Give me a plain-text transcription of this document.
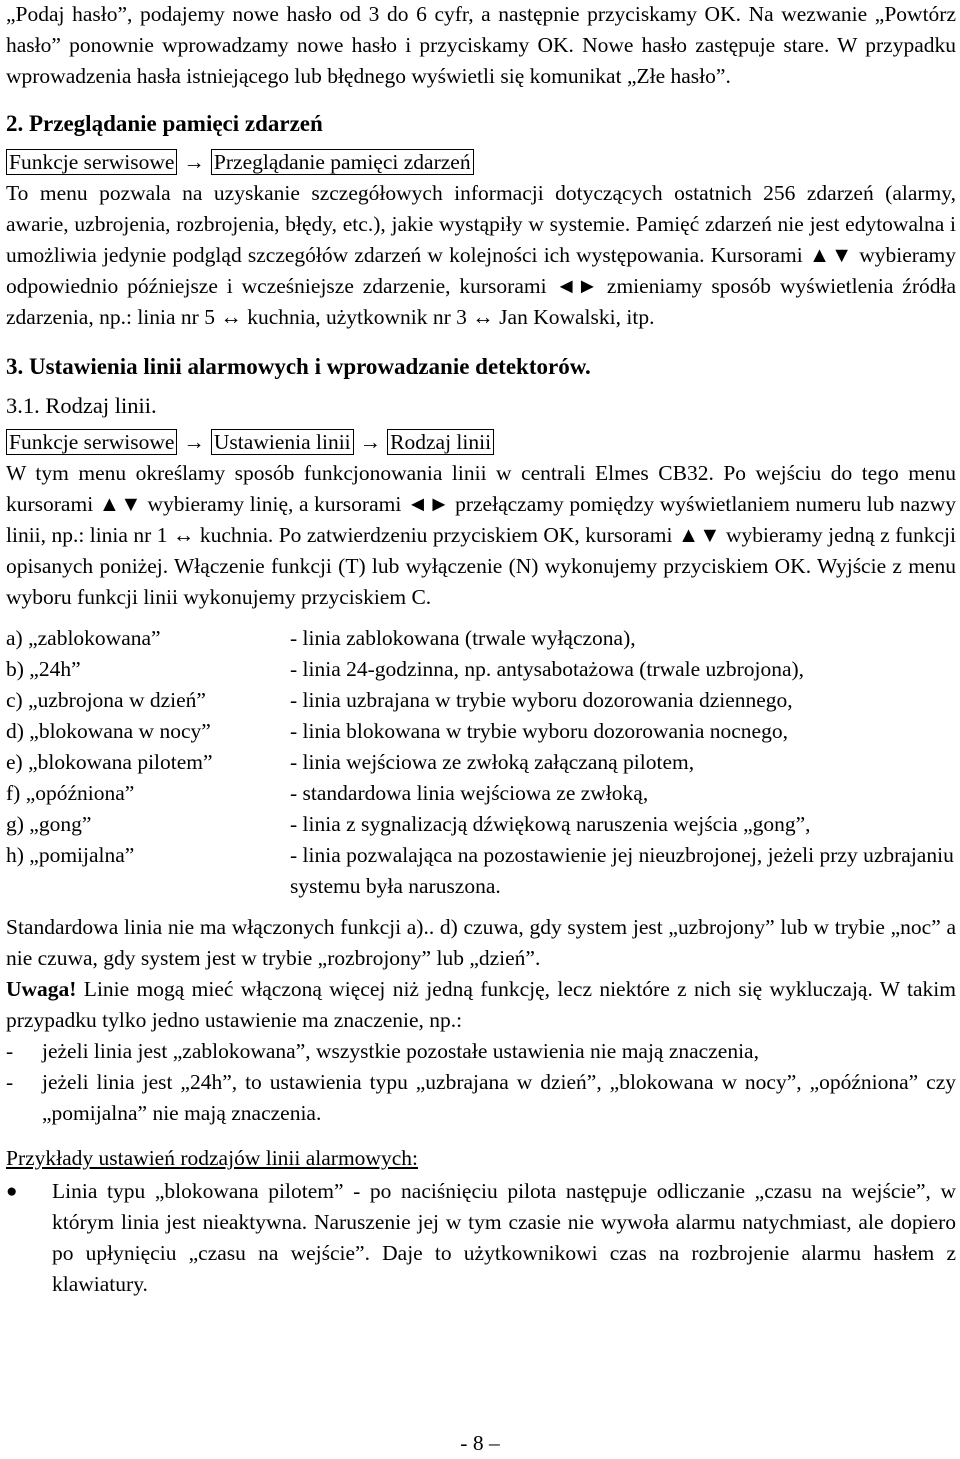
„Podaj hasło”, podajemy nowe hasło od 3 do 6 cyfr, a następnie przyciskamy OK. Na wezwanie „Powtórz hasło” ponownie wprowadzamy nowe hasło i przyciskamy OK. Nowe hasło zastępuje stare. W przypadku wprowadzenia hasła istniejącego lub błędnego wyświetli się komunikat „Złe hasło”.

2. Przeglądanie pamięci zdarzeń
Funkcje serwisowe → Przeglądanie pamięci zdarzeń

To menu pozwala na uzyskanie szczegółowych informacji dotyczących ostatnich 256 zdarzeń (alarmy, awarie, uzbrojenia, rozbrojenia, błędy, etc.), jakie wystąpiły w systemie. Pamięć zdarzeń nie jest edytowalna i umożliwia jedynie podgląd szczegółów zdarzeń w kolejności ich występowania. Kursorami ▲▼ wybieramy odpowiednio późniejsze i wcześniejsze zdarzenie, kursorami ◄► zmieniamy sposób wyświetlenia źródła zdarzenia, np.: linia nr 5 ↔ kuchnia, użytkownik nr 3 ↔ Jan Kowalski, itp.

3. Ustawienia linii alarmowych i wprowadzanie detektorów.
3.1. Rodzaj linii.
Funkcje serwisowe → Ustawienia linii → Rodzaj linii

W tym menu określamy sposób funkcjonowania linii w centrali Elmes CB32. Po wejściu do tego menu kursorami ▲▼ wybieramy linię, a kursorami ◄► przełączamy pomiędzy wyświetlaniem numeru lub nazwy linii, np.: linia nr 1 ↔ kuchnia. Po zatwierdzeniu przyciskiem OK, kursorami ▲▼ wybieramy jedną z funkcji opisanych poniżej. Włączenie funkcji (T) lub wyłączenie (N) wykonujemy przyciskiem OK. Wyjście z menu wyboru funkcji linii wykonujemy przyciskiem C.

a) „zablokowana”	- linia zablokowana (trwale wyłączona),
b) „24h”	- linia 24-godzinna, np. antysabotażowa (trwale uzbrojona),
c) „uzbrojona w dzień”	- linia uzbrajana w trybie wyboru dozorowania dziennego,
d) „blokowana w nocy”	- linia blokowana w trybie wyboru dozorowania nocnego,
e) „blokowana pilotem”	- linia wejściowa ze zwłoką załączaną pilotem,
f) „opóźniona”	- standardowa linia wejściowa ze zwłoką,
g) „gong”	- linia z sygnalizacją dźwiękową naruszenia wejścia „gong”,
h) „pomijalna”	- linia pozwalająca na pozostawienie jej nieuzbrojonej, jeżeli przy uzbrajaniu systemu była naruszona.

Standardowa linia nie ma włączonych funkcji a).. d) czuwa, gdy system jest „uzbrojony” lub w trybie „noc” a nie czuwa, gdy system jest w trybie „rozbrojony” lub „dzień”.

Uwaga! Linie mogą mieć włączoną więcej niż jedną funkcję, lecz niektóre z nich się wykluczają. W takim przypadku tylko jedno ustawienie ma znaczenie, np.:

-	jeżeli linia jest „zablokowana”, wszystkie pozostałe ustawienia nie mają znaczenia,
-	jeżeli linia jest „24h”, to ustawienia typu „uzbrajana w dzień”, „blokowana w nocy”, „opóźniona” czy „pomijalna” nie mają znaczenia.
Przykłady ustawień rodzajów linii alarmowych:
●	Linia typu „blokowana pilotem” - po naciśnięciu pilota następuje odliczanie „czasu na wejście”, w którym linia jest nieaktywna. Naruszenie jej w tym czasie nie wywoła alarmu natychmiast, ale dopiero po upłynięciu „czasu na wejście”. Daje to użytkownikowi czas na rozbrojenie alarmu hasłem z klawiatury.
- 8 –
